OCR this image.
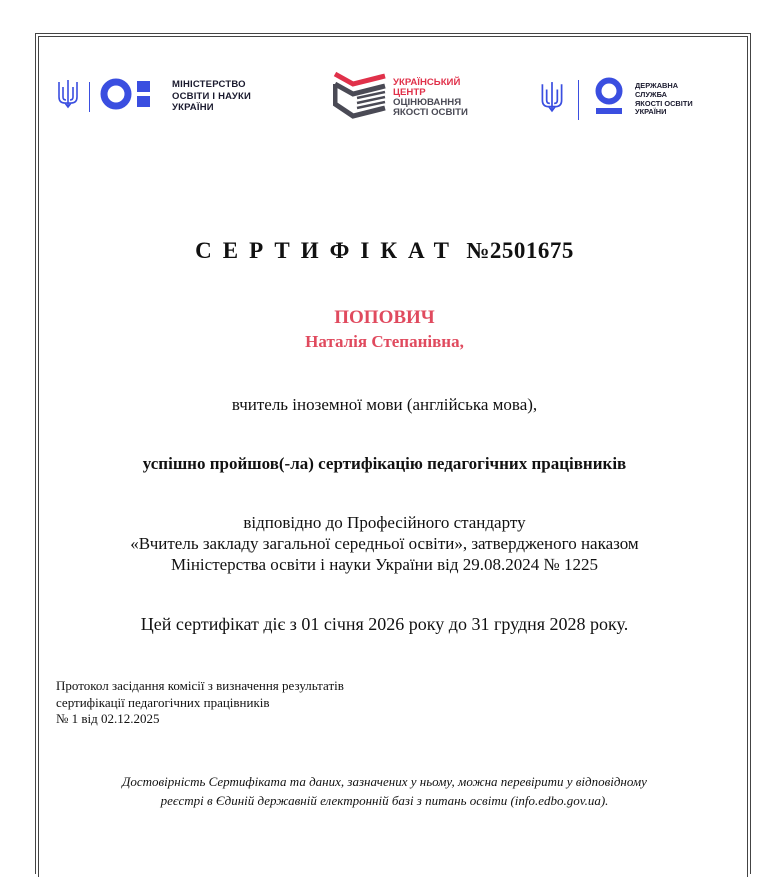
МІНІСТЕРСТВО
ОСВІТИ І НАУКИ
УКРАЇНИ
УКРАЇНСЬКИЙ
ЦЕНТР
ОЦІНЮВАННЯ
ЯКОСТІ ОСВІТИ
ДЕРЖАВНА
СЛУЖБА
ЯКОСТІ ОСВІТИ
УКРАЇНИ
СЕРТИФІКАТ №2501675
ПОПОВИЧ
Наталія Степанівна,
вчитель іноземної мови (англійська мова),
успішно пройшов(-ла) сертифікацію педагогічних працівників
відповідно до Професійного стандарту
«Вчитель закладу загальної середньої освіти», затвердженого наказом
Міністерства освіти і науки України від 29.08.2024 № 1225
Цей сертифікат діє з 01 січня 2026 року до 31 грудня 2028 року.
Протокол засідання комісії з визначення результатів
сертифікації педагогічних працівників
№ 1 від 02.12.2025
Достовірність Сертифіката та даних, зазначених у ньому, можна перевірити у відповідному
реєстрі в Єдиній державній електронній базі з питань освіти (info.edbo.gov.ua).
